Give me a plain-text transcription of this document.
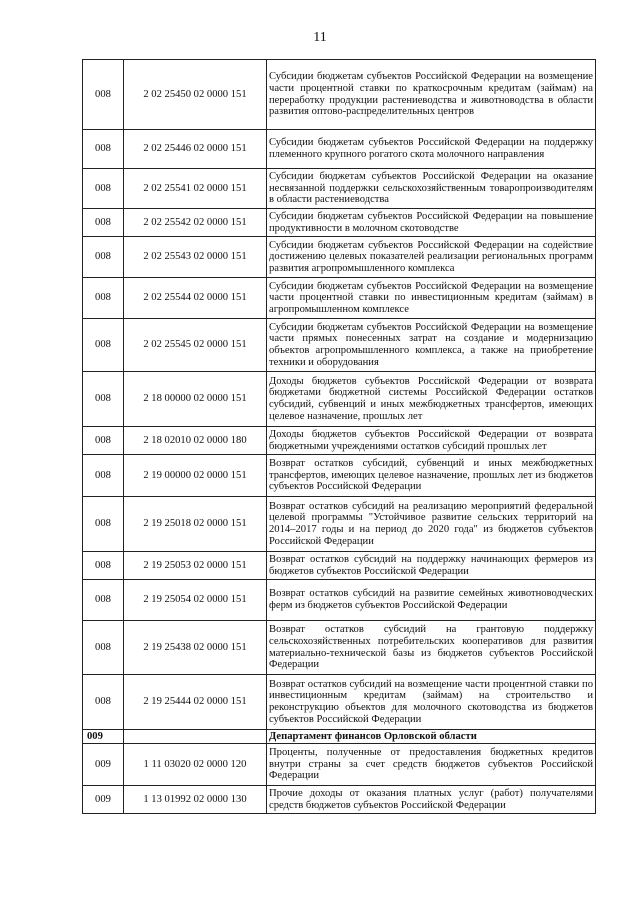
11
008	2 02 25450 02 0000 151	Субсидии бюджетам субъектов Российской Федерации на возмещение части процентной ставки по краткосрочным кредитам (займам) на переработку продукции растениеводства и животноводства в области развития оптово-распределительных центров
008	2 02 25446 02 0000 151	Субсидии бюджетам субъектов Российской Федерации на поддержку племенного крупного рогатого скота молочного направления
008	2 02 25541 02 0000 151	Субсидии бюджетам субъектов Российской Федерации на оказание несвязанной поддержки сельскохозяйственным товаропроизводителям в области растениеводства
008	2 02 25542 02 0000 151	Субсидии бюджетам субъектов Российской Федерации на повышение продуктивности в молочном скотоводстве
008	2 02 25543 02 0000 151	Субсидии бюджетам субъектов Российской Федерации на содействие достижению целевых показателей реализации региональных программ развития агропромышленного комплекса
008	2 02 25544 02 0000 151	Субсидии бюджетам субъектов Российской Федерации на возмещение части процентной ставки по инвестиционным кредитам (займам) в агропромышленном комплексе
008	2 02 25545 02 0000 151	Субсидии бюджетам субъектов Российской Федерации на возмещение части прямых понесенных затрат на создание и модернизацию объектов агропромышленного комплекса, а также на приобретение техники и оборудования
008	2 18 00000 02 0000 151	Доходы бюджетов субъектов Российской Федерации от возврата бюджетами бюджетной системы Российской Федерации остатков субсидий, субвенций и иных межбюджетных трансфертов, имеющих целевое назначение, прошлых лет
008	2 18 02010 02 0000 180	Доходы бюджетов субъектов Российской Федерации от возврата бюджетными учреждениями остатков субсидий прошлых лет
008	2 19 00000 02 0000 151	Возврат остатков субсидий, субвенций и иных межбюджетных трансфертов, имеющих целевое назначение, прошлых лет из бюджетов субъектов Российской Федерации
008	2 19 25018 02 0000 151	Возврат остатков субсидий на реализацию мероприятий федеральной целевой программы "Устойчивое развитие сельских территорий на 2014–2017 годы и на период до 2020 года" из бюджетов субъектов Российской Федерации
008	2 19 25053 02 0000 151	Возврат остатков субсидий на поддержку начинающих фермеров из бюджетов субъектов Российской Федерации
008	2 19 25054 02 0000 151	Возврат остатков субсидий на развитие семейных животноводческих ферм из бюджетов субъектов Российской Федерации
008	2 19 25438 02 0000 151	Возврат остатков субсидий на грантовую поддержку сельскохозяйственных потребительских кооперативов для развития материально-технической базы из бюджетов субъектов Российской Федерации
008	2 19 25444 02 0000 151	Возврат остатков субсидий на возмещение части процентной ставки по инвестиционным кредитам (займам) на строительство и реконструкцию объектов для молочного скотоводства из бюджетов субъектов Российской Федерации
009		Департамент финансов Орловской области
009	1 11 03020 02 0000 120	Проценты, полученные от предоставления бюджетных кредитов внутри страны за счет средств бюджетов субъектов Российской Федерации
009	1 13 01992 02 0000 130	Прочие доходы от оказания платных услуг (работ) получателями средств бюджетов субъектов Российской Федерации
